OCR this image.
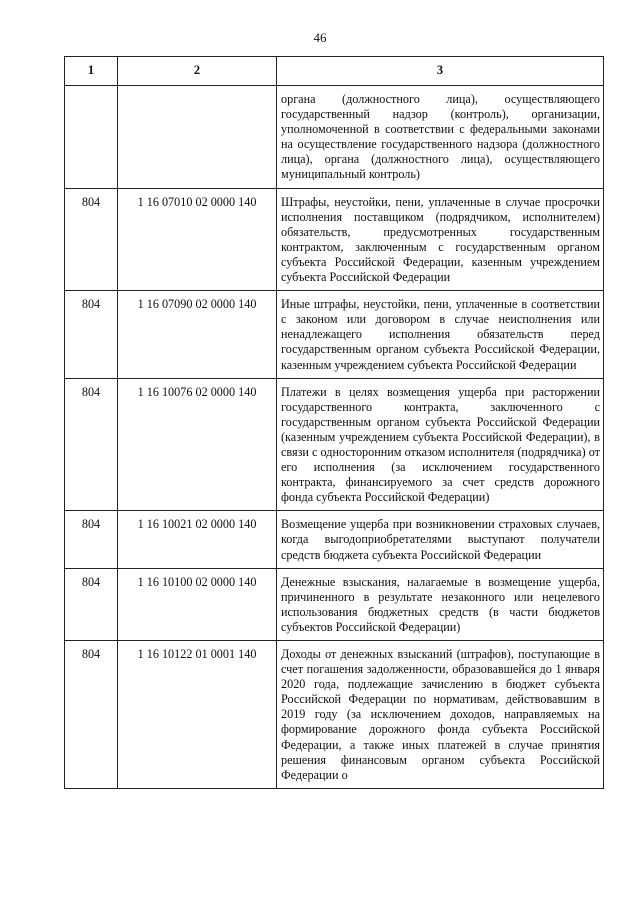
46
1	2	3

		органа (должностного лица), осуществляющего государственный надзор (контроль), организации, уполномоченной в соответствии с федеральными законами на осуществление государственного надзора (должностного лица), органа (должностного лица), осуществляющего муниципальный контроль)

804	1 16 07010 02 0000 140	Штрафы, неустойки, пени, уплаченные в случае просрочки исполнения поставщиком (подрядчиком, исполнителем) обязательств, предусмотренных государственным контрактом, заключенным с государственным органом субъекта Российской Федерации, казенным учреждением субъекта Российской Федерации

804	1 16 07090 02 0000 140	Иные штрафы, неустойки, пени, уплаченные в соответствии с законом или договором в случае неисполнения или ненадлежащего исполнения обязательств перед государственным органом субъекта Российской Федерации, казенным учреждением субъекта Российской Федерации

804	1 16 10076 02 0000 140	Платежи в целях возмещения ущерба при расторжении государственного контракта, заключенного с государственным органом субъекта Российской Федерации (казенным учреждением субъекта Российской Федерации), в связи с односторонним отказом исполнителя (подрядчика) от его исполнения (за исключением государственного контракта, финансируемого за счет средств дорожного фонда субъекта Российской Федерации)

804	1 16 10021 02 0000 140	Возмещение ущерба при возникновении страховых случаев, когда выгодоприобретателями выступают получатели средств бюджета субъекта Российской Федерации

804	1 16 10100 02 0000 140	Денежные взыскания, налагаемые в возмещение ущерба, причиненного в результате незаконного или нецелевого использования бюджетных средств (в части бюджетов субъектов Российской Федерации)

804	1 16 10122 01 0001 140	Доходы от денежных взысканий (штрафов), поступающие в счет погашения задолженности, образовавшейся до 1 января 2020 года, подлежащие зачислению в бюджет субъекта Российской Федерации по нормативам, действовавшим в 2019 году (за исключением доходов, направляемых на формирование дорожного фонда субъекта Российской Федерации, а также иных платежей в случае принятия решения финансовым органом субъекта Российской Федерации о
